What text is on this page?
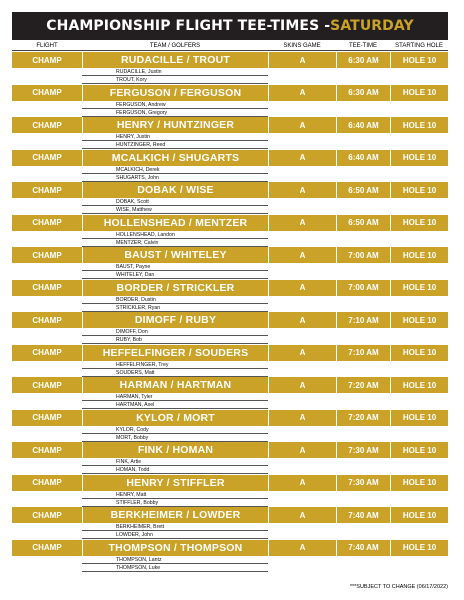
CHAMPIONSHIP FLIGHT TEE-TIMES - SATURDAY
FLIGHT	TEAM / GOLFERS	SKINS GAME	TEE-TIME	STARTING HOLE
CHAMP	RUDACILLE / TROUT	A	6:30 AM	HOLE 10
RUDACILLE, Justin
TROUT, Kory
CHAMP	FERGUSON / FERGUSON	A	6:30 AM	HOLE 10
FERGUSON, Andrew
FERGUSON, Gregory
CHAMP	HENRY / HUNTZINGER	A	6:40 AM	HOLE 10
HENRY, Justin
HUNTZINGER, Reed
CHAMP	MCALKICH / SHUGARTS	A	6:40 AM	HOLE 10
MCALKICH, Derek
SHUGARTS, John
CHAMP	DOBAK / WISE	A	6:50 AM	HOLE 10
DOBAK, Scott
WISE, Matthew
CHAMP	HOLLENSHEAD / MENTZER	A	6:50 AM	HOLE 10
HOLLENSHEAD, Landon
MENTZER, Calvin
CHAMP	BAUST / WHITELEY	A	7:00 AM	HOLE 10
BAUST, Payne
WHITELEY, Dan
CHAMP	BORDER / STRICKLER	A	7:00 AM	HOLE 10
BORDER, Dustin
STRICKLER, Ryan
CHAMP	DIMOFF / RUBY	A	7:10 AM	HOLE 10
DIMOFF, Don
RUBY, Bob
CHAMP	HEFFELFINGER / SOUDERS	A	7:10 AM	HOLE 10
HEFFELFINGER, Trey
SOUDERS, Matt
CHAMP	HARMAN / HARTMAN	A	7:20 AM	HOLE 10
HARMAN, Tyler
HARTMAN, Axel
CHAMP	KYLOR / MORT	A	7:20 AM	HOLE 10
KYLOR, Cody
MORT, Bobby
CHAMP	FINK / HOMAN	A	7:30 AM	HOLE 10
FINK, Artie
HOMAN, Todd
CHAMP	HENRY / STIFFLER	A	7:30 AM	HOLE 10
HENRY, Matt
STIFFLER, Bobby
CHAMP	BERKHEIMER / LOWDER	A	7:40 AM	HOLE 10
BERKHEIMER, Brett
LOWDER, John
CHAMP	THOMPSON / THOMPSON	A	7:40 AM	HOLE 10
THOMPSON, Lantz
THOMPSON, Luke
***SUBJECT TO CHANGE (06/17/2022)
